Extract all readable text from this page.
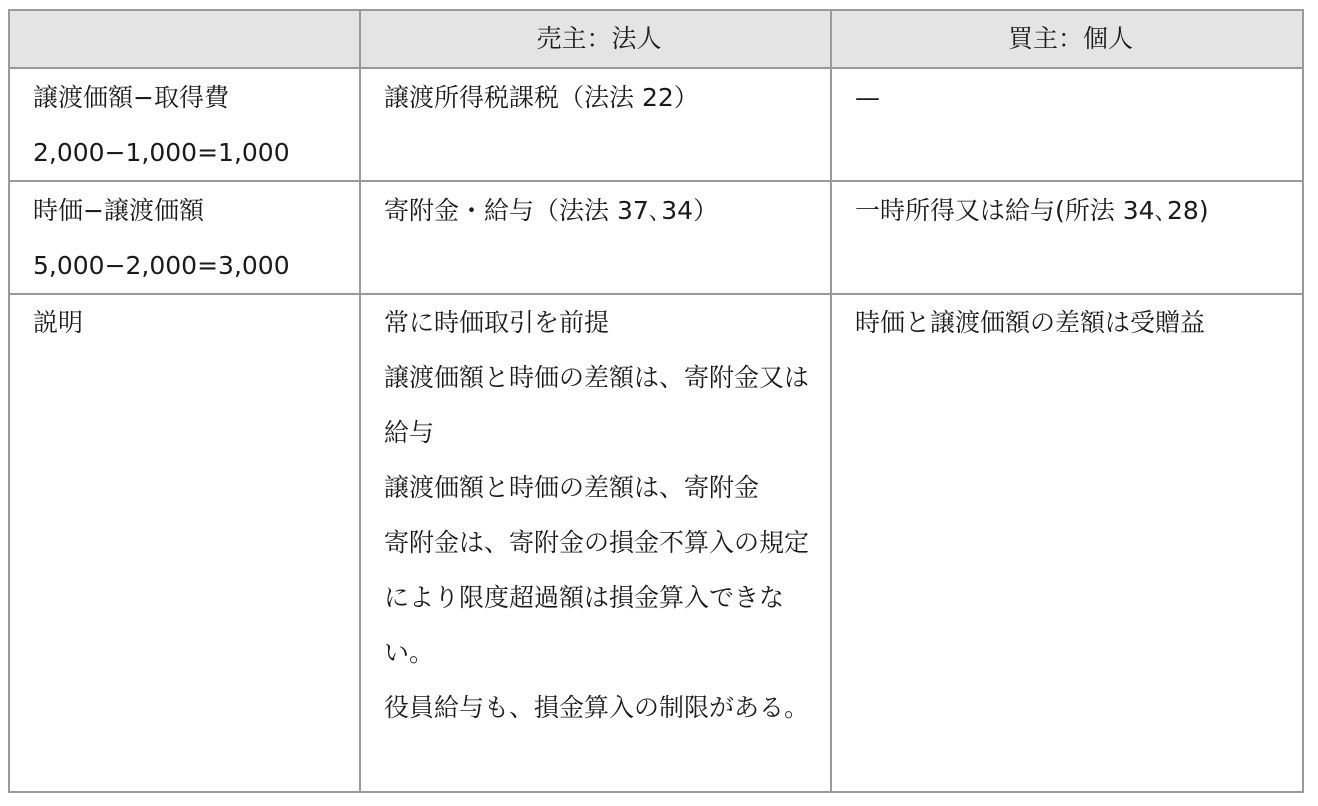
	売主：法人	買主：個人

譲渡価額−取得費
2,000−1,000=1,000	譲渡所得税課税（法法 22）	—

時価−譲渡価額
5,000−2,000=3,000	寄附金・給与（法法 37､34）	一時所得又は給与(所法 34､28)

説明	常に時価取引を前提
譲渡価額と時価の差額は、寄附金又は給与
譲渡価額と時価の差額は、寄附金
寄附金は、寄附金の損金不算入の規定により限度超過額は損金算入できない。
役員給与も、損金算入の制限がある。	時価と譲渡価額の差額は受贈益
